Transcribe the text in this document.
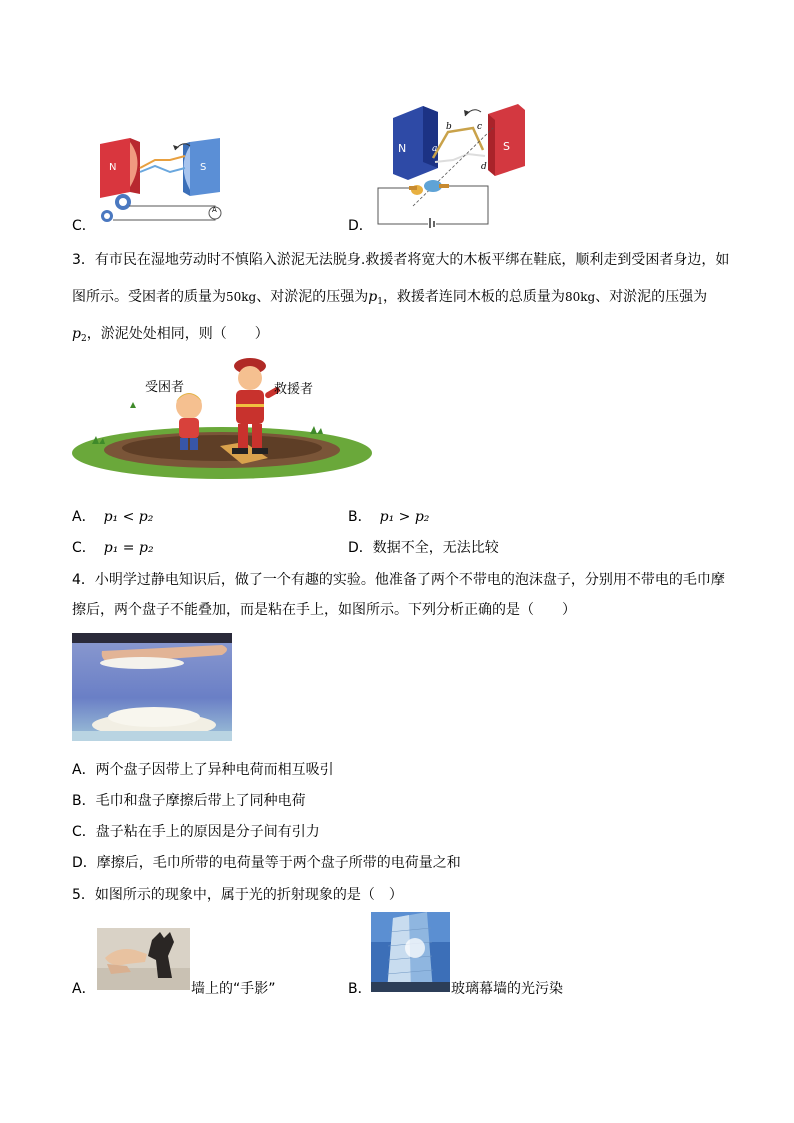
N	S
A
C．
N	S
a
b	c
d
D．
3．有市民在湿地劳动时不慎陷入淤泥无法脱身.救援者将宽大的木板平绑在鞋底，顺利走到受困者身边，如
图所示。受困者的质量为50kg、对淤泥的压强为$p_1$，救援者连同木板的总质量为80kg、对淤泥的压强为
$p_2$，淤泥处处相同，则（　　）
受困者	救援者
A． p₁ < p₂	B． p₁ > p₂
C． p₁ = p₂	D．数据不全，无法比较
4．小明学过静电知识后，做了一个有趣的实验。他准备了两个不带电的泡沫盘子，分别用不带电的毛巾摩
擦后，两个盘子不能叠加，而是粘在手上，如图所示。下列分析正确的是（　　）
A．两个盘子因带上了异种电荷而相互吸引
B．毛巾和盘子摩擦后带上了同种电荷
C．盘子粘在手上的原因是分子间有引力
D．摩擦后，毛巾所带的电荷量等于两个盘子所带的电荷量之和
5．如图所示的现象中，属于光的折射现象的是（　）
A．	墙上的“手影”	B．	玻璃幕墙的光污染
